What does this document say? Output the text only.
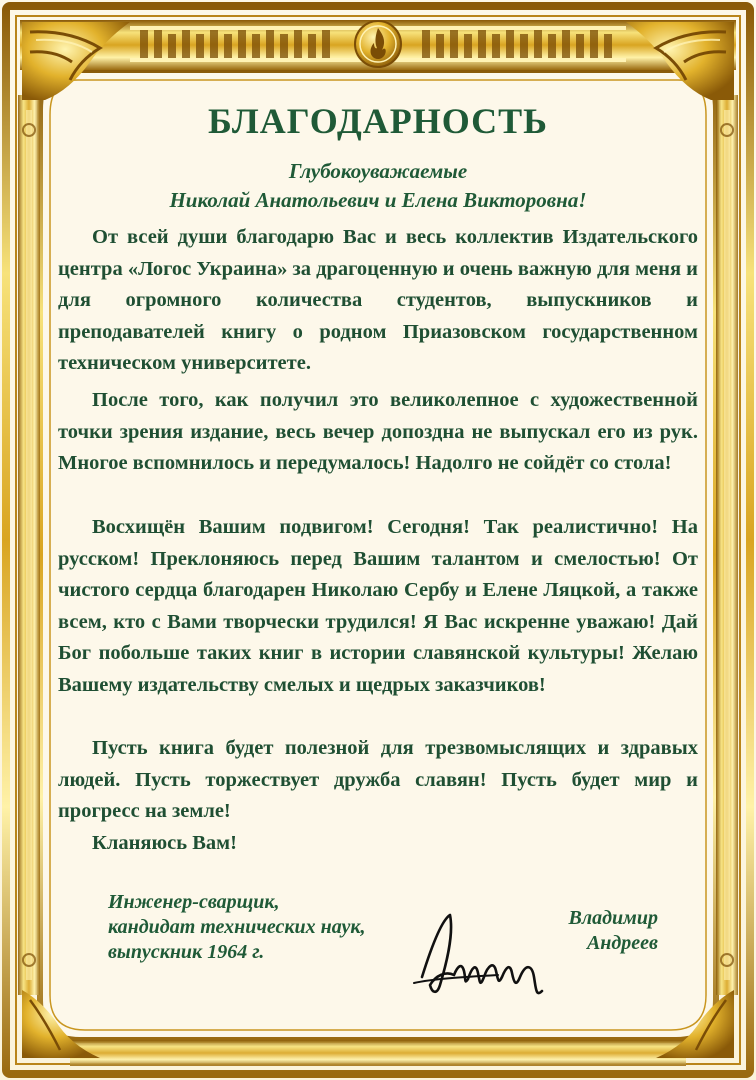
БЛАГОДАРНОСТЬ
Глубокоуважаемые
Николай Анатольевич и Елена Викторовна!

От всей души благодарю Вас и весь коллектив Издательского центра «Логос Украина» за драгоценную и очень важную для меня и для огромного количества студентов, выпускников и преподавателей книгу о родном Приазовском государственном техническом университете.

После того, как получил это великолепное с художественной точки зрения издание, весь вечер допоздна не выпускал его из рук. Многое вспомнилось и передумалось! Надолго не сойдёт со стола!

Восхищён Вашим подвигом! Сегодня! Так реалистично! На русском! Преклоняюсь перед Вашим талантом и смелостью! От чистого сердца благодарен Николаю Сербу и Елене Ляцкой, а также всем, кто с Вами творчески трудился! Я Вас искренне уважаю! Дай Бог побольше таких книг в истории славянской культуры! Желаю Вашему издательству смелых и щедрых заказчиков!

Пусть книга будет полезной для трезвомыслящих и здравых людей. Пусть торжествует дружба славян! Пусть будет мир и прогресс на земле!

Кланяюсь Вам!

Инженер-сварщик,
кандидат технических наук,
выпускник 1964 г.
Владимир
Андреев
